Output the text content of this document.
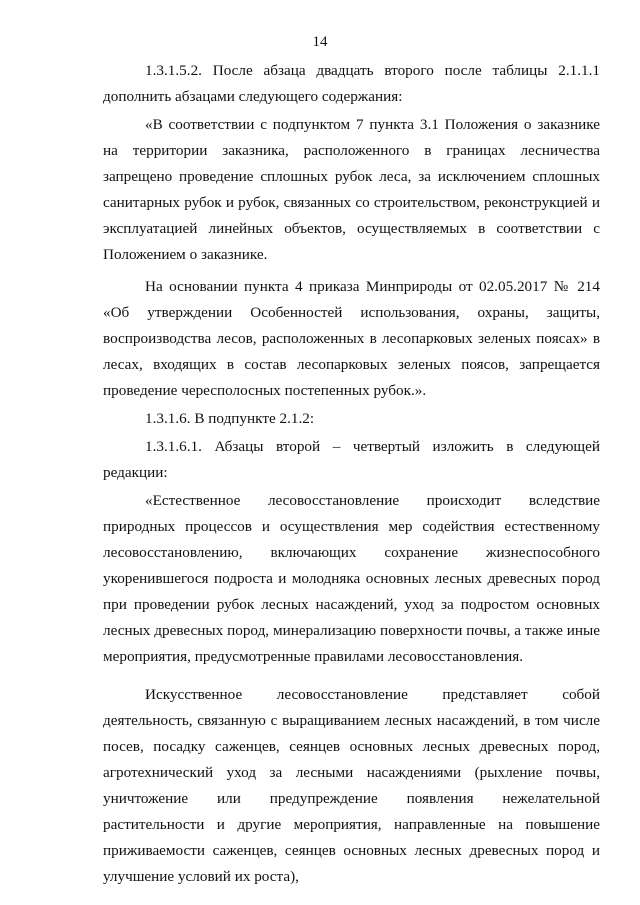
14

1.3.1.5.2. После абзаца двадцать второго после таблицы 2.1.1.1 дополнить абзацами следующего содержания:

«В соответствии с подпунктом 7 пункта 3.1 Положения о заказнике на территории заказника, расположенного в границах лесничества запрещено проведение сплошных рубок леса, за исключением сплошных санитарных рубок и рубок, связанных со строительством, реконструкцией и эксплуатацией линейных объектов, осуществляемых в соответствии с Положением о заказнике.

На основании пункта 4 приказа Минприроды от 02.05.2017 № 214 «Об утверждении Особенностей использования, охраны, защиты, воспроизводства лесов, расположенных в лесопарковых зеленых поясах» в лесах, входящих в состав лесопарковых зеленых поясов, запрещается проведение чересполосных постепенных рубок.».

1.3.1.6. В подпункте 2.1.2:

1.3.1.6.1. Абзацы второй – четвертый изложить в следующей редакции:

«Естественное лесовосстановление происходит вследствие природных процессов и осуществления мер содействия естественному лесовосстановлению, включающих сохранение жизнеспособного укоренившегося подроста и молодняка основных лесных древесных пород при проведении рубок лесных насаждений, уход за подростом основных лесных древесных пород, минерализацию поверхности почвы, а также иные мероприятия, предусмотренные правилами лесовосстановления.

Искусственное лесовосстановление представляет собой деятельность, связанную с выращиванием лесных насаждений, в том числе посев, посадку саженцев, сеянцев основных лесных древесных пород, агротехнический уход за лесными насаждениями (рыхление почвы, уничтожение или предупреждение появления нежелательной растительности и другие мероприятия, направленные на повышение приживаемости саженцев, сеянцев основных лесных древесных пород и улучшение условий их роста),
